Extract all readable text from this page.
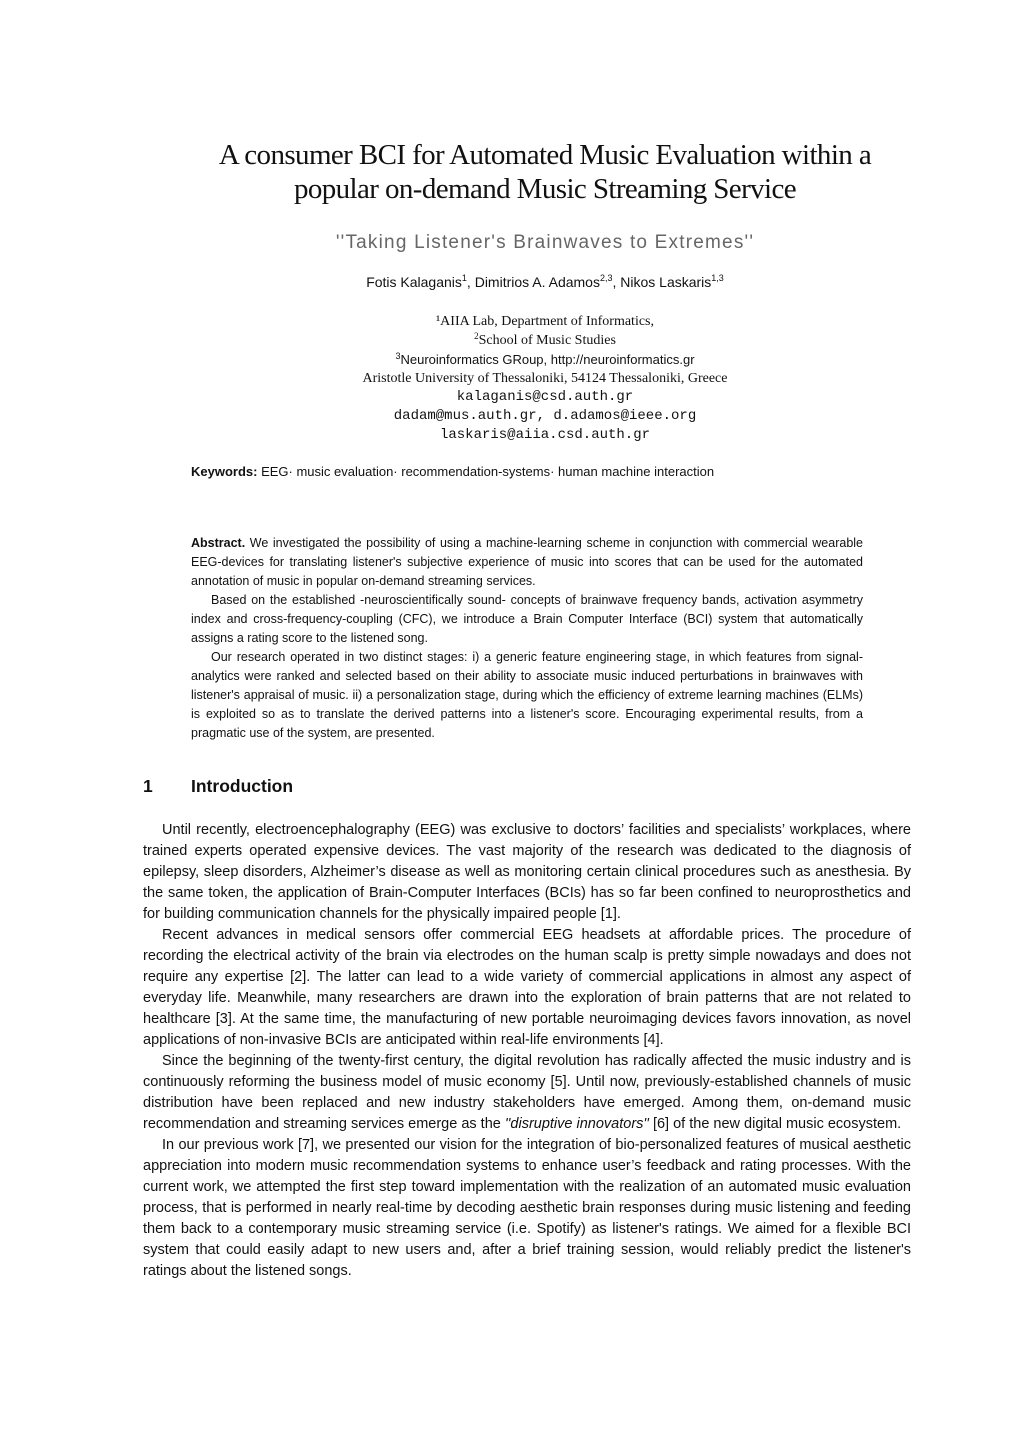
A consumer BCI for Automated Music Evaluation within a
popular on-demand Music Streaming Service
''Taking Listener's Brainwaves to Extremes''
Fotis Kalaganis$^1$, Dimitrios A. Adamos$^{2,3}$, Nikos Laskaris$^{1,3}$
¹AIIA Lab, Department of Informatics,
$^2$School of Music Studies
$^3$Neuroinformatics GRoup, http://neuroinformatics.gr
Aristotle University of Thessaloniki, 54124 Thessaloniki, Greece
kalaganis@csd.auth.gr
dadam@mus.auth.gr, d.adamos@ieee.org
laskaris@aiia.csd.auth.gr
Keywords: EEG· music evaluation· recommendation-systems· human machine interaction

Abstract. We investigated the possibility of using a machine-learning scheme in conjunction with commercial wearable EEG-devices for translating listener's subjective experience of music into scores that can be used for the automated annotation of music in popular on-demand streaming services.

Based on the established -neuroscientifically sound- concepts of brainwave frequency bands, activation asymmetry index and cross-frequency-coupling (CFC), we introduce a Brain Computer Interface (BCI) system that automatically assigns a rating score to the listened song.

Our research operated in two distinct stages: i) a generic feature engineering stage, in which features from signal-analytics were ranked and selected based on their ability to associate music induced perturbations in brainwaves with listener's appraisal of music. ii) a personalization stage, during which the efficiency of extreme learning machines (ELMs) is exploited so as to translate the derived patterns into a listener's score. Encouraging experimental results, from a pragmatic use of the system, are presented.

1 Introduction

Until recently, electroencephalography (EEG) was exclusive to doctors’ facilities and specialists’ workplaces, where trained experts operated expensive devices. The vast majority of the research was dedicated to the diagnosis of epilepsy, sleep disorders, Alzheimer’s disease as well as monitoring certain clinical procedures such as anesthesia. By the same token, the application of Brain-Computer Interfaces (BCIs) has so far been confined to neuroprosthetics and for building communication channels for the physically impaired people [1].

Recent advances in medical sensors offer commercial EEG headsets at affordable prices. The procedure of recording the electrical activity of the brain via electrodes on the human scalp is pretty simple nowadays and does not require any expertise [2]. The latter can lead to a wide variety of commercial applications in almost any aspect of everyday life. Meanwhile, many researchers are drawn into the exploration of brain patterns that are not related to healthcare [3]. At the same time, the manufacturing of new portable neuroimaging devices favors innovation, as novel applications of non-invasive BCIs are anticipated within real-life environments [4].

Since the beginning of the twenty-first century, the digital revolution has radically affected the music industry and is continuously reforming the business model of music economy [5]. Until now, previously-established channels of music distribution have been replaced and new industry stakeholders have emerged. Among them, on-demand music recommendation and streaming services emerge as the ''disruptive innovators'' [6] of the new digital music ecosystem.

In our previous work [7], we presented our vision for the integration of bio-personalized features of musical aesthetic appreciation into modern music recommendation systems to enhance user’s feedback and rating processes. With the current work, we attempted the first step toward implementation with the realization of an automated music evaluation process, that is performed in nearly real-time by decoding aesthetic brain responses during music listening and feeding them back to a contemporary music streaming service (i.e. Spotify) as listener's ratings. We aimed for a flexible BCI system that could easily adapt to new users and, after a brief training session, would reliably predict the listener's ratings about the listened songs.
